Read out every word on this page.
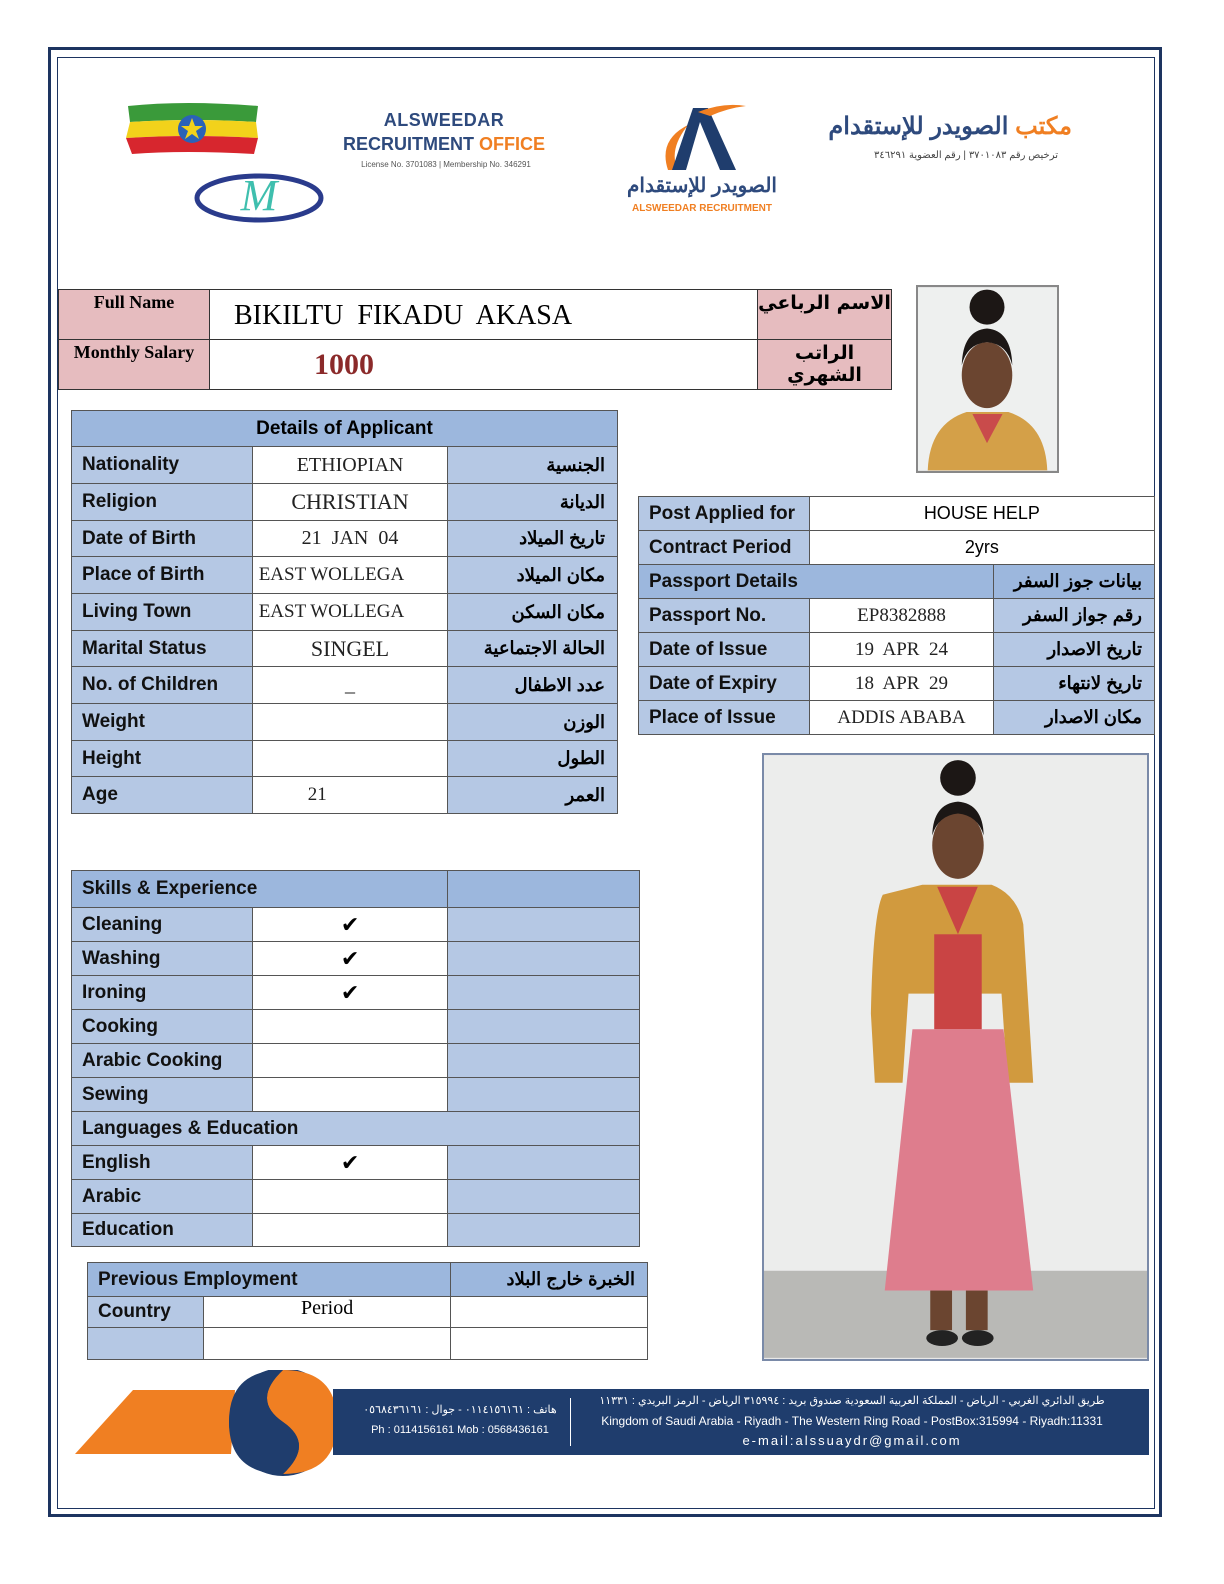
M
ALSWEEDAR
RECRUITMENT OFFICE
License No. 3701083 | Membership No. 346291
الصويدر للإستقدام
ALSWEEDAR RECRUITMENT
مكتب الصويدر للإستقدام
ترخيص رقم ٣٧٠١٠٨٣ | رقم العضوية ٣٤٦٢٩١
Full Name	BIKILTU  FIKADU  AKASA	الاسم الرباعي
Monthly Salary	1000	الراتب الشهري
Details of Applicant		
Nationality	ETHIOPIAN	الجنسية
Religion	CHRISTIAN	الديانة
Date of Birth	21  JAN  04	تاريخ الميلاد
Place of Birth	EAST WOLLEGA	مكان الميلاد
Living Town	EAST WOLLEGA	مكان السكن
Marital Status	SINGEL	الحالة الاجتماعية
No. of Children	_	عدد الاطفال
Weight		الوزن
Height		الطول
Age	21	العمر
Post Applied for	HOUSE HELP	
Contract Period	2yrs	
Passport Details		بيانات جوز السفر
Passport No.	EP8382888	رقم جواز السفر
Date of Issue	19  APR  24	تاريخ الاصدار
Date of Expiry	18  APR  29	تاريخ لانتهاء
Place of Issue	ADDIS ABABA	مكان الاصدار
Skills & Experience		
Cleaning	✔	
Washing	✔	
Ironing	✔	
Cooking		
Arabic Cooking		
Sewing		
Languages & Education		
English	✔	
Arabic		
Education		
Previous Employment		الخبرة خارج البلاد
Country	Period	

هاتف : ٠١١٤١٥٦١٦١ - جوال : ٠٥٦٨٤٣٦١٦١
Ph : 0114156161 Mob : 0568436161
طريق الدائري الغربي - الرياض - المملكة العربية السعودية صندوق بريد : ٣١٥٩٩٤ الرياض - الرمز البريدي : ١١٣٣١
Kingdom of Saudi Arabia - Riyadh - The Western Ring Road - PostBox:315994 - Riyadh:11331
e-mail:alssuaydr@gmail.com
